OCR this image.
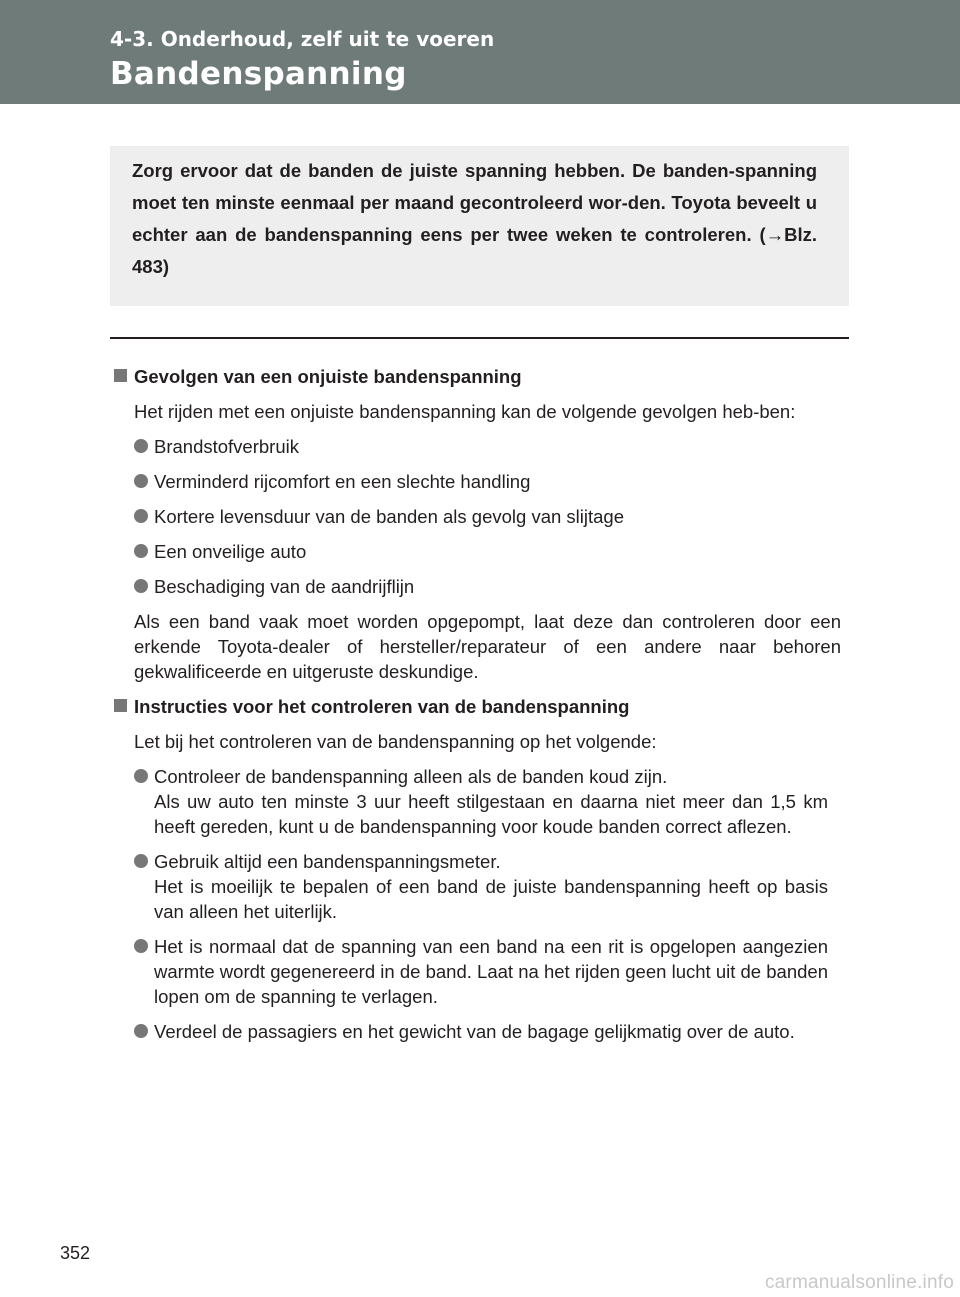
4-3. Onderhoud, zelf uit te voeren
Bandenspanning
Zorg ervoor dat de banden de juiste spanning hebben. De banden-spanning moet ten minste eenmaal per maand gecontroleerd wor-den. Toyota beveelt u echter aan de bandenspanning eens per twee weken te controleren. (→Blz. 483)
Gevolgen van een onjuiste bandenspanning
Het rijden met een onjuiste bandenspanning kan de volgende gevolgen heb-ben:
Brandstofverbruik
Verminderd rijcomfort en een slechte handling
Kortere levensduur van de banden als gevolg van slijtage
Een onveilige auto
Beschadiging van de aandrijflijn
Als een band vaak moet worden opgepompt, laat deze dan controleren door een erkende Toyota-dealer of hersteller/reparateur of een andere naar behoren gekwalificeerde en uitgeruste deskundige.
Instructies voor het controleren van de bandenspanning
Let bij het controleren van de bandenspanning op het volgende:
Controleer de bandenspanning alleen als de banden koud zijn.
Als uw auto ten minste 3 uur heeft stilgestaan en daarna niet meer dan 1,5 km heeft gereden, kunt u de bandenspanning voor koude banden correct aflezen.
Gebruik altijd een bandenspanningsmeter.
Het is moeilijk te bepalen of een band de juiste bandenspanning heeft op basis van alleen het uiterlijk.
Het is normaal dat de spanning van een band na een rit is opgelopen aangezien warmte wordt gegenereerd in de band. Laat na het rijden geen lucht uit de banden lopen om de spanning te verlagen.
Verdeel de passagiers en het gewicht van de bagage gelijkmatig over de auto.
352
carmanualsonline.info
